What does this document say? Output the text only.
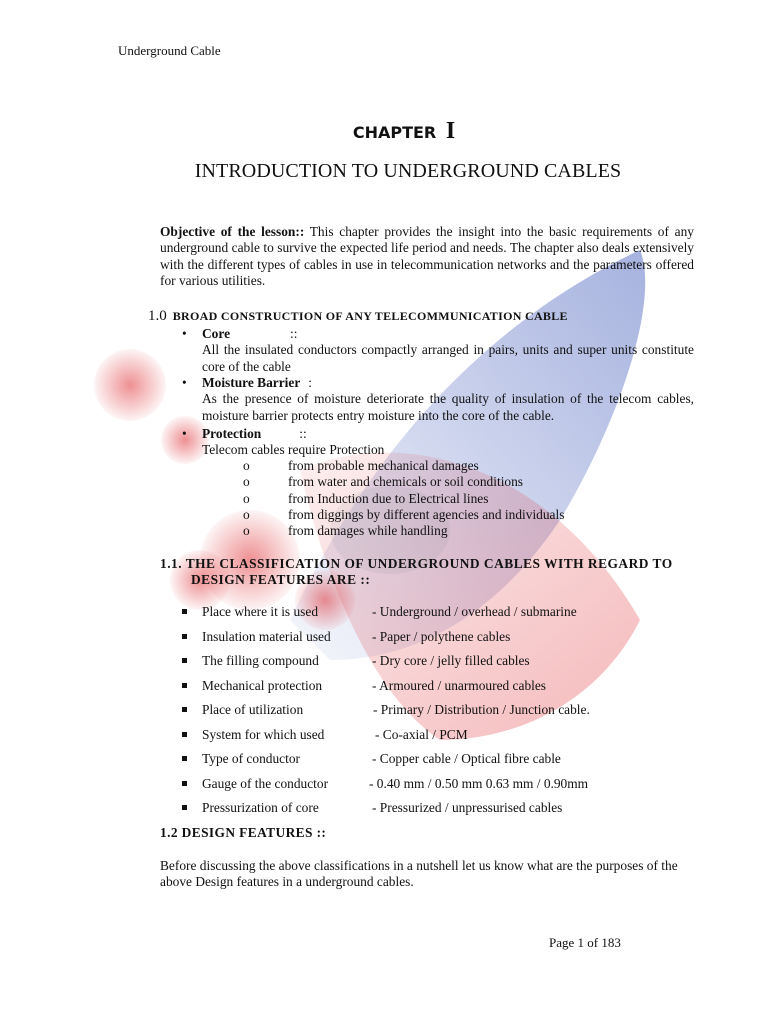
Underground Cable
CHAPTER I
INTRODUCTION TO UNDERGROUND CABLES
Objective of the lesson:: This chapter provides the insight into the basic requirements of any underground cable to survive the expected life period and needs. The chapter also deals extensively with the different types of cables in use in telecommunication networks and the parameters offered for various utilities.
1.0 BROAD CONSTRUCTION OF ANY TELECOMMUNICATION CABLE
• Core	::
All the insulated conductors compactly arranged in pairs, units and super units constitute core of the cable
• Moisture Barrier :
As the presence of moisture deteriorate the quality of insulation of the telecom cables, moisture barrier protects entry moisture into the core of the cable.
• Protection	::
Telecom cables require Protection
o	from probable mechanical damages
o	from water and chemicals or soil conditions
o	from Induction due to Electrical lines
o	from diggings by different agencies and individuals
o	from damages while handling
1.1. THE CLASSIFICATION OF UNDERGROUND CABLES WITH REGARD TO
DESIGN FEATURES ARE ::
Place where it is used	- Underground / overhead / submarine
Insulation material used	- Paper / polythene cables
The filling compound	- Dry core / jelly filled cables
Mechanical protection	- Armoured / unarmoured cables
Place of utilization	- Primary / Distribution / Junction cable.
System for which used	- Co-axial / PCM
Type of conductor	- Copper cable / Optical fibre cable
Gauge of the conductor	- 0.40 mm / 0.50 mm 0.63 mm / 0.90mm
Pressurization of core	- Pressurized / unpressurised cables
1.2 DESIGN FEATURES ::
Before discussing the above classifications in a nutshell let us know what are the purposes of the above Design features in a underground cables.
Page 1 of 183
